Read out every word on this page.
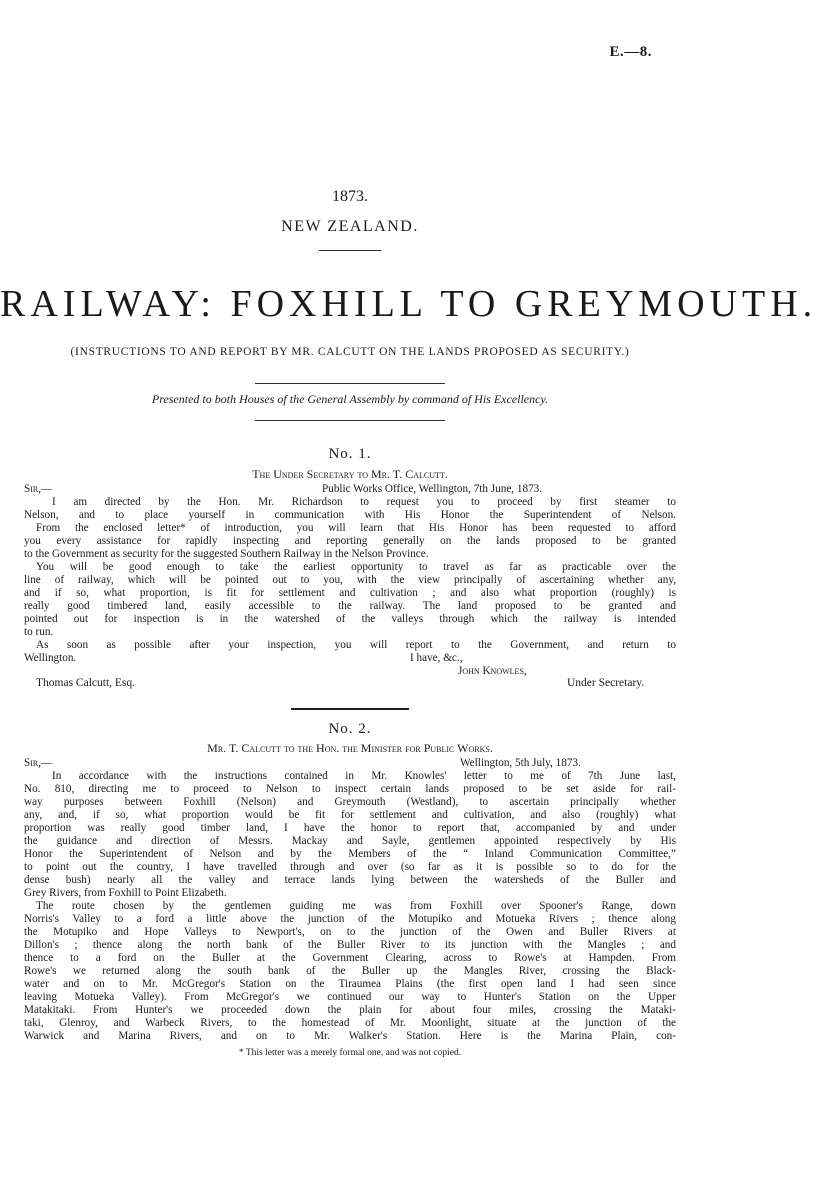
E.—8.
1873.
NEW ZEALAND.
RAILWAY: FOXHILL TO GREYMOUTH.
(INSTRUCTIONS TO AND REPORT BY MR. CALCUTT ON THE LANDS PROPOSED AS SECURITY.)
Presented to both Houses of the General Assembly by command of His Excellency.
No. 1.
The Under Secretary to Mr. T. Calcutt.
Sir,—	Public Works Office, Wellington, 7th June, 1873.
I am directed by the Hon. Mr. Richardson to request you to proceed by first steamer to
Nelson, and to place yourself in communication with His Honor the Superintendent of Nelson.
From the enclosed letter* of introduction, you will learn that His Honor has been requested to afford
you every assistance for rapidly inspecting and reporting generally on the lands proposed to be granted
to the Government as security for the suggested Southern Railway in the Nelson Province.
You will be good enough to take the earliest opportunity to travel as far as practicable over the
line of railway, which will be pointed out to you, with the view principally of ascertaining whether any,
and if so, what proportion, is fit for settlement and cultivation ; and also what proportion (roughly) is
really good timbered land, easily accessible to the railway. The land proposed to be granted and
pointed out for inspection is in the watershed of the valleys through which the railway is intended
to run.
As soon as possible after your inspection, you will report to the Government, and return to
Wellington.	I have, &c.,
John Knowles,
Thomas Calcutt, Esq.	Under Secretary.
No. 2.
Mr. T. Calcutt to the Hon. the Minister for Public Works.
Sir,—	Wellington, 5th July, 1873.
In accordance with the instructions contained in Mr. Knowles' letter to me of 7th June last,
No. 810, directing me to proceed to Nelson to inspect certain lands proposed to be set aside for rail-
way purposes between Foxhill (Nelson) and Greymouth (Westland), to ascertain principally whether
any, and, if so, what proportion would be fit for settlement and cultivation, and also (roughly) what
proportion was really good timber land, I have the honor to report that, accompanied by and under
the guidance and direction of Messrs. Mackay and Sayle, gentlemen appointed respectively by His
Honor the Superintendent of Nelson and by the Members of the “ Inland Communication Committee,”
to point out the country, I have travelled through and over (so far as it is possible so to do for the
dense bush) nearly all the valley and terrace lands lying between the watersheds of the Buller and
Grey Rivers, from Foxhill to Point Elizabeth.
The route chosen by the gentlemen guiding me was from Foxhill over Spooner's Range, down
Norris's Valley to a ford a little above the junction of the Motupiko and Motueka Rivers ; thence along
the Motupiko and Hope Valleys to Newport's, on to the junction of the Owen and Buller Rivers at
Dillon's ; thence along the north bank of the Buller River to its junction with the Mangles ; and
thence to a ford on the Buller at the Government Clearing, across to Rowe's at Hampden. From
Rowe's we returned along the south bank of the Buller up the Mangles River, crossing the Black-
water and on to Mr. McGregor's Station on the Tiraumea Plains (the first open land I had seen since
leaving Motueka Valley). From McGregor's we continued our way to Hunter's Station on the Upper
Matakitaki. From Hunter's we proceeded down the plain for about four miles, crossing the Mataki-
taki, Glenroy, and Warbeck Rivers, to the homestead of Mr. Moonlight, situate at the junction of the
Warwick and Marina Rivers, and on to Mr. Walker's Station. Here is the Marina Plain, con-
* This letter was a merely formal one, and was not copied.
